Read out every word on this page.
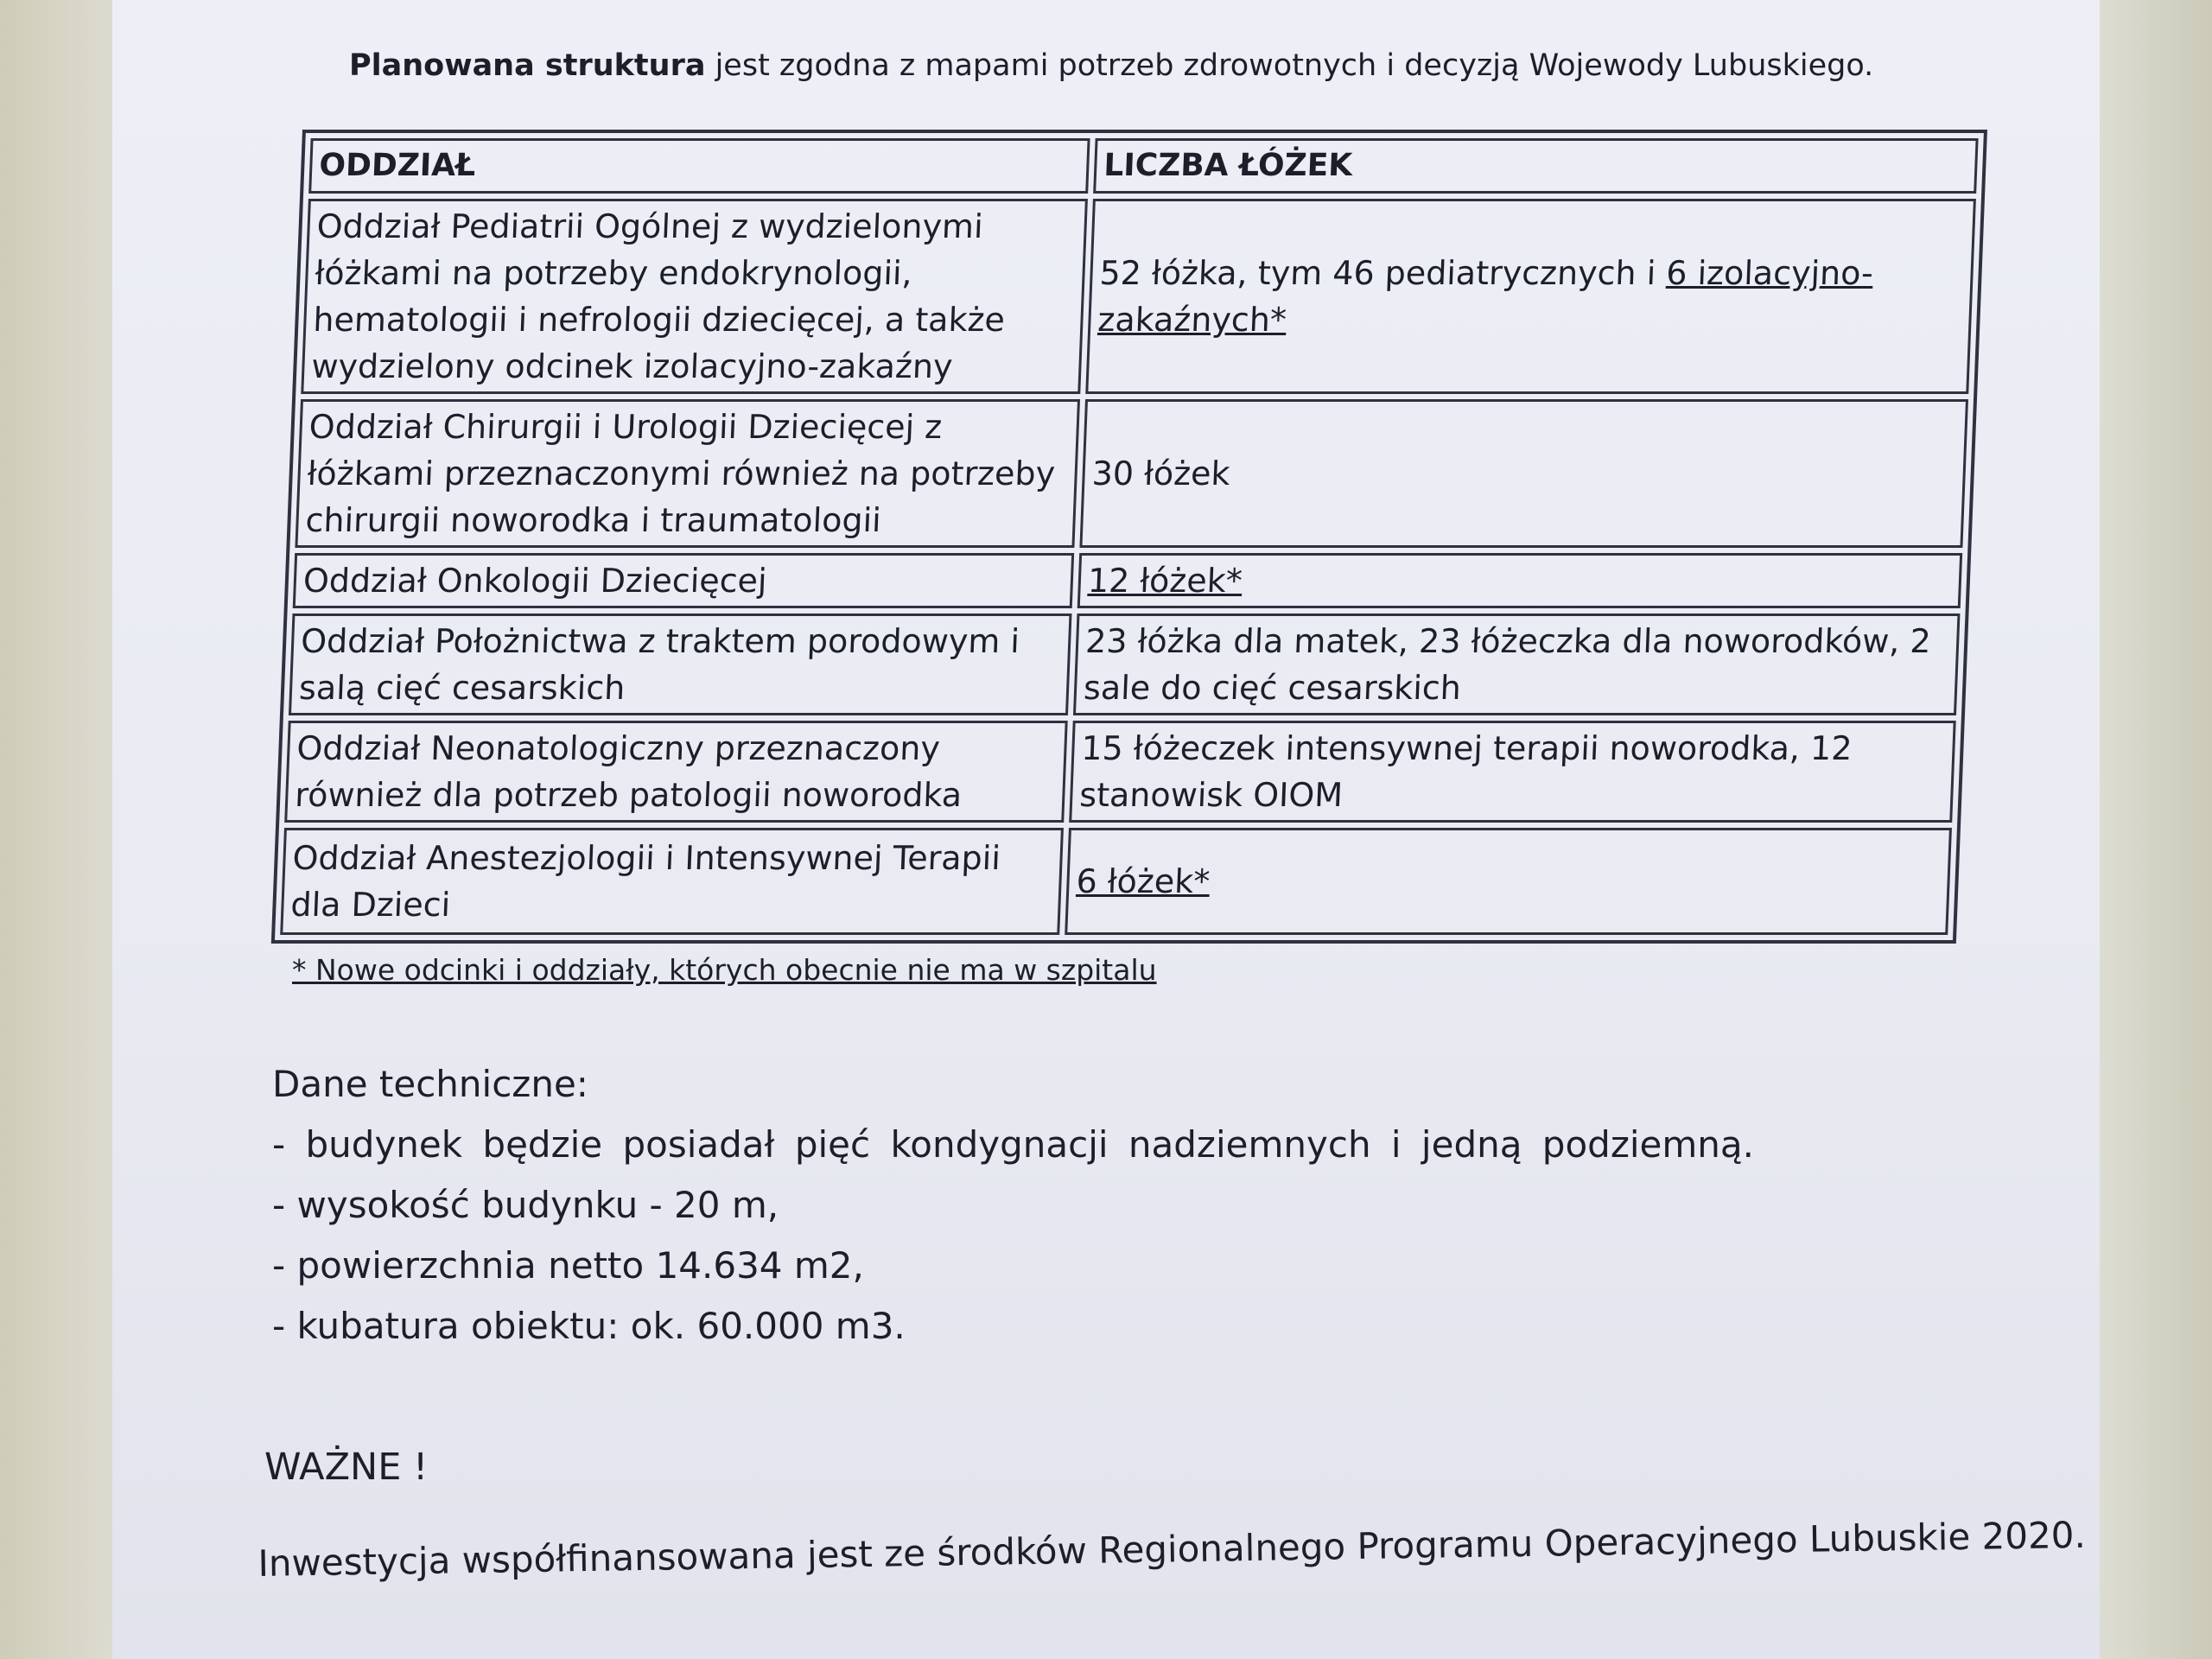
Planowana struktura jest zgodna z mapami potrzeb zdrowotnych i decyzją Wojewody Lubuskiego.
ODDZIAŁ	LICZBA ŁÓŻEK
Oddział Pediatrii Ogólnej z wydzielonymi łóżkami na potrzeby endokrynologii, hematologii i nefrologii dziecięcej, a także wydzielony odcinek izolacyjno-zakaźny	52 łóżka, tym 46 pediatrycznych i 6 izolacyjno-zakaźnych*
Oddział Chirurgii i Urologii Dziecięcej z łóżkami przeznaczonymi również na potrzeby chirurgii noworodka i traumatologii	30 łóżek
Oddział Onkologii Dziecięcej	12 łóżek*
Oddział Położnictwa z traktem porodowym i salą cięć cesarskich	23 łóżka dla matek, 23 łóżeczka dla noworodków, 2 sale do cięć cesarskich
Oddział Neonatologiczny przeznaczony również dla potrzeb patologii noworodka	15 łóżeczek intensywnej terapii noworodka, 12 stanowisk OIOM
Oddział Anestezjologii i Intensywnej Terapii dla Dzieci	6 łóżek*
* Nowe odcinki i oddziały, których obecnie nie ma w szpitalu
Dane techniczne:
- budynek będzie posiadał pięć kondygnacji nadziemnych i jedną podziemną.
- wysokość budynku - 20 m,
- powierzchnia netto 14.634 m2,
- kubatura obiektu: ok. 60.000 m3.
WAŻNE !
Inwestycja współfinansowana jest ze środków Regionalnego Programu Operacyjnego Lubuskie 2020.
